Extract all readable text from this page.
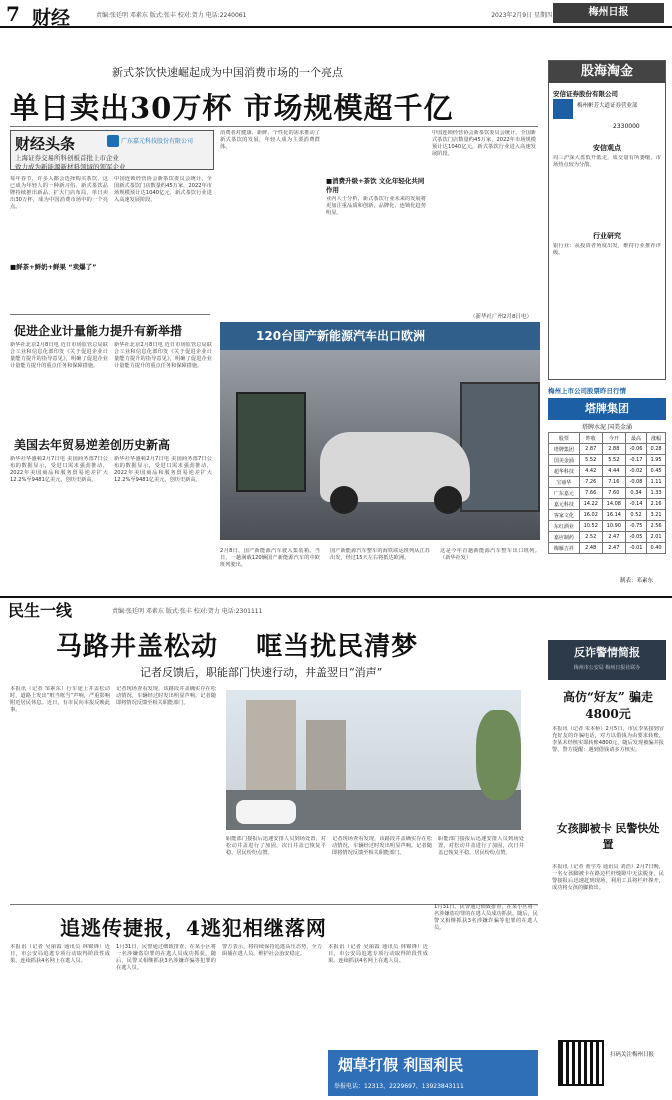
7 财经	责编:张廷明 邓素东 版式:张丰 校对:贺力 电话:2240061	2023年2月9日 星期四	梅州日报
新式茶饮快速崛起成为中国消费市场的一个亮点
单日卖出30万杯 市场规模超千亿
财经头条	广东嘉元科技股份有限公司
上海证券交易所科创板首批上市企业
致力成为新能源新材料领域的领军企业
每年春节，许多人都会选择购买茶饮，这已成为年轻人的一种新习俗。新式茶饮品牌持续推出新品，扩大门店布局，单日卖出30万杯，成为中国消费市场中的一个亮点。
■鲜茶+鲜奶+鲜果 “卖爆了”
中国连锁经营协会新茶饮委员会统计，全国新式茶饮门店数量约45万家，2022年市场规模预计达1040亿元，新式茶饮行业进入高速发展阶段。
消费者对健康、新鲜、个性化的需求推动了新式茶饮的发展，年轻人成为主要消费群体。
■消费升级+茶饮 文化年轻化共同作用
业内人士分析，新式茶饮行业未来的发展将更加注重品质和创新，品牌化、连锁化趋势明显。
中国连锁经营协会新茶饮委员会统计，全国新式茶饮门店数量约45万家，2022年市场规模预计达1040亿元，新式茶饮行业进入高速发展阶段。
（新华社广州2月8日电）
股海淘金
安信证券股份有限公司
梅州彬芳大道证券营业部
2330000
安信观点
周三沪深大盘低开低走，成交量有所萎缩，市场热点较为分散。
行业研究
银行业：从投资者角度出发，维持行业推荐评级。
梅州上市公司股票昨日行情
塔牌集团
塔牌水泥 国美金涌
股票	昨收	今开	最高	涨幅
塔牌集团	2.87	2.88	-0.06	0.28
国美金涌	5.52	5.52	-0.17	1.95
超华科技	4.42	4.44	-0.02	0.45
宝丽华	7.26	7.16	-0.08	1.11
广东嘉元	7.66	7.60	0.34	1.33
嘉元科技	14.22	14.08	-0.14	2.16
客家文化	16.02	16.14	0.52	3.21
东红酒业	10.52	10.90	-0.75	2.56
嘉应制药	2.52	2.47	-0.05	2.01
梅雁吉祥	2.48	2.47	-0.01	0.40
制表：邓素东
促进企业计量能力提升有新举措
新华社北京2月8日电 近日市场监管总局联合工业和信息化部印发《关于促进企业计量能力提升的指导意见》，明确了促进企业计量能力提升的重点任务和保障措施。
新华社北京2月8日电 近日市场监管总局联合工业和信息化部印发《关于促进企业计量能力提升的指导意见》，明确了促进企业计量能力提升的重点任务和保障措施。
美国去年贸易逆差创历史新高
新华社华盛顿2月7日电 美国商务部7日公布的数据显示，受进口需求强劲推动，2022年美国商品和服务贸易逆差扩大12.2%至9481亿美元，创历史新高。
新华社华盛顿2月7日电 美国商务部7日公布的数据显示，受进口需求强劲推动，2022年美国商品和服务贸易逆差扩大12.2%至9481亿美元，创历史新高。
120台国产新能源汽车出口欧洲
2月8日，国产新能源汽车驶入集装箱。当日，一趟满载120辆国产新能源汽车的中欧班列驶出。
国产新能源汽车整车的海铁联运班列从江苏出发，经过15天左右将抵达欧洲。
这是今年首趟新能源汽车整车出口班列。（新华社发）
民生一线	责编:张廷明 邓素东 版式:张丰 校对:贺力 电话:2301111
马路井盖松动 哐当扰民清梦
记者反馈后，职能部门快速行动，井盖翌日“消声”
本报讯（记者 邹素东）行车途上井盖松动时，道路上发出“哐当哐当”声响，严重影响附近居民休息。近日，有市民向本报反映此事。
记者现场查看发现，该路段井盖确实存在松动情况，车辆经过时发出明显声响。记者随即将情况反馈至相关职能部门。
职能部门接报后迅速安排人员到场处置，对松动井盖进行了加固，次日井盖已恢复平稳，居民纷纷点赞。
记者现场查看发现，该路段井盖确实存在松动情况，车辆经过时发出明显声响。记者随即将情况反馈至相关职能部门。
职能部门接报后迅速安排人员到场处置，对松动井盖进行了加固，次日井盖已恢复平稳，居民纷纷点赞。
反诈警情简报
梅州市公安局 梅州日报社联办
高仿“好友” 骗走4800元
本报讯（记者 朱本桥）2月5日，市民李某接到冒充好友的诈骗电话，对方以借钱为由要求转账，李某未经核实即转账4800元，随后发现被骗并报警。警方提醒：遇到借钱请多方核实。
女孩脚被卡 民警快处置
本报讯（记者 黄学寿 通讯员 刘浩）2月7日晚，一名女孩脚被卡在路边栏杆缝隙中无法脱身，民警接报后迅速赶到现场，利用工具将栏杆撑开，成功将女孩的脚救出。
扫码关注梅州日报
追逃传捷报，4逃犯相继落网
本报讯（记者 吴丽霞 通讯员 林锦锋）近日，市公安局追逃专项行动取得阶段性成果，连续抓获4名网上在逃人员。
1月31日，民警通过细致排查，在某小区将一名涉嫌盗窃罪的在逃人员成功抓获。随后，民警又相继抓获3名涉嫌诈骗等犯罪的在逃人员。
警方表示，将持续保持追逃高压态势，全力缉捕在逃人员，维护社会治安稳定。
本报讯（记者 吴丽霞 通讯员 林锦锋）近日，市公安局追逃专项行动取得阶段性成果，连续抓获4名网上在逃人员。
1月31日，民警通过细致排查，在某小区将一名涉嫌盗窃罪的在逃人员成功抓获。随后，民警又相继抓获3名涉嫌诈骗等犯罪的在逃人员。
烟草打假 利国利民
举报电话：12313、2229697、13923843111
